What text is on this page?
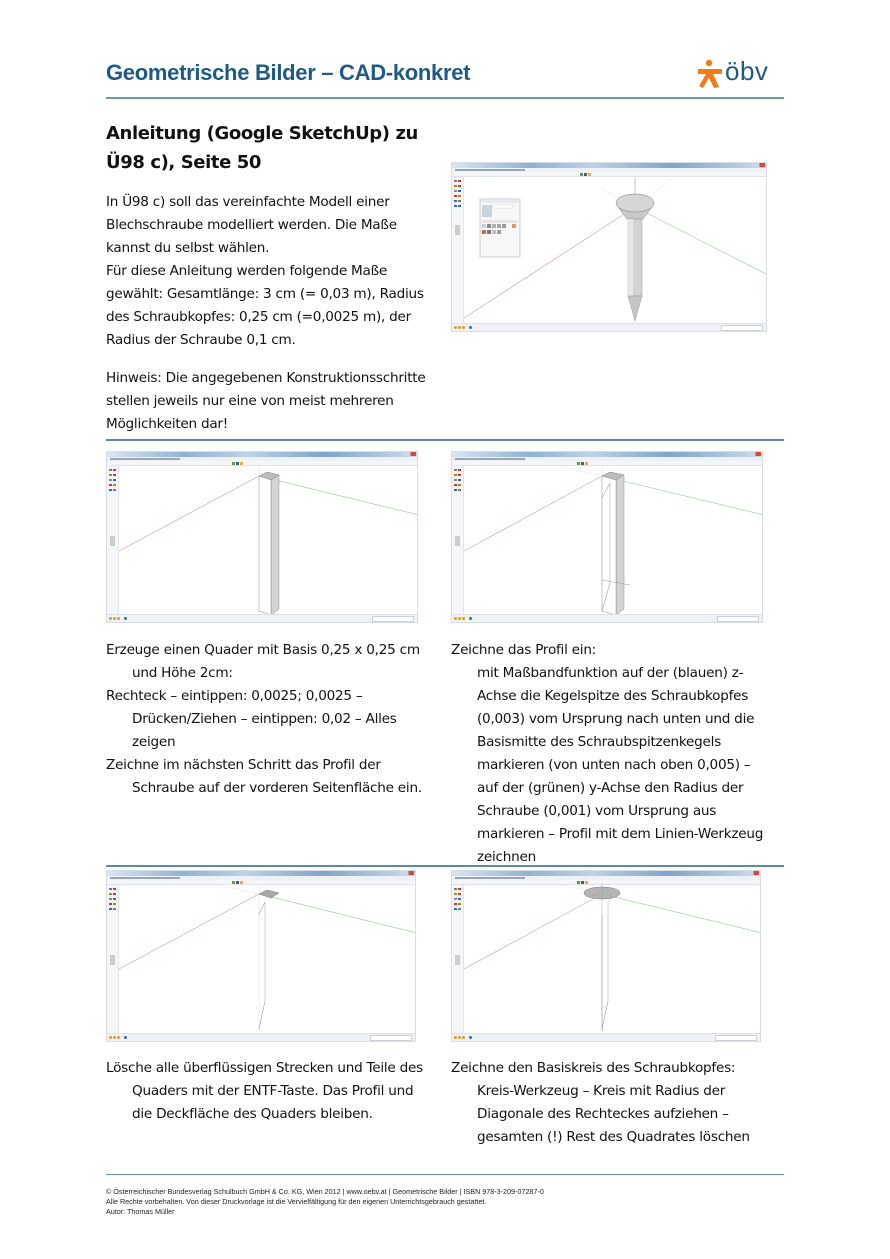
Geometrische Bilder – CAD-konkret	öbv
Anleitung (Google SketchUp) zu
Ü98 c), Seite 50

In Ü98 c) soll das vereinfachte Modell einer

Blechschraube modelliert werden. Die Maße

kannst du selbst wählen.

Für diese Anleitung werden folgende Maße

gewählt: Gesamtlänge: 3 cm (= 0,03 m), Radius

des Schraubkopfes: 0,25 cm (=0,0025 m), der

Radius der Schraube 0,1 cm.

Hinweis: Die angegebenen Konstruktionsschritte

stellen jeweils nur eine von meist mehreren

Möglichkeiten dar!

Erzeuge einen Quader mit Basis 0,25 x 0,25 cm

und Höhe 2cm:

Rechteck – eintippen: 0,0025; 0,0025 –

Drücken/Ziehen – eintippen: 0,02 – Alles

zeigen

Zeichne im nächsten Schritt das Profil der

Schraube auf der vorderen Seitenfläche ein.

Zeichne das Profil ein:

mit Maßbandfunktion auf der (blauen) z-

Achse die Kegelspitze des Schraubkopfes

(0,003) vom Ursprung nach unten und die

Basismitte des Schraubspitzenkegels

markieren (von unten nach oben 0,005) –

auf der (grünen) y-Achse den Radius der

Schraube (0,001) vom Ursprung aus

markieren – Profil mit dem Linien-Werkzeug

zeichnen

Lösche alle überflüssigen Strecken und Teile des

Quaders mit der ENTF-Taste. Das Profil und

die Deckfläche des Quaders bleiben.

Zeichne den Basiskreis des Schraubkopfes:

Kreis-Werkzeug – Kreis mit Radius der

Diagonale des Rechteckes aufziehen –

gesamten (!) Rest des Quadrates löschen

© Österreichischer Bundesverlag Schulbuch GmbH & Co. KG, Wien 2012 | www.oebv.at | Geometrische Bilder | ISBN 978-3-209-07287-0
Alle Rechte vorbehalten. Von dieser Druckvorlage ist die Vervielfältigung für den eigenen Unterrichtsgebrauch gestattet.
Autor: Thomas Müller
